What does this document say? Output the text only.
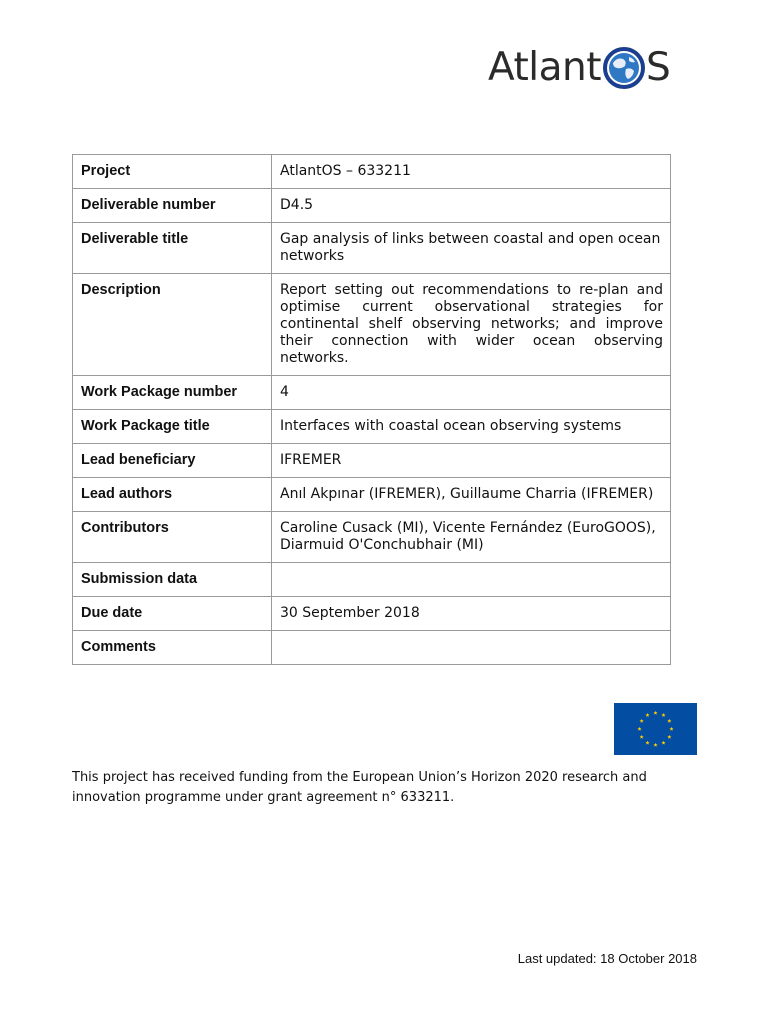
Atlant S
Project	AtlantOS – 633211
Deliverable number	D4.5
Deliverable title	Gap analysis of links between coastal and open ocean networks
Description	Report setting out recommendations to re-plan and optimise current observational strategies for continental shelf observing networks; and improve their connection with wider ocean observing networks.
Work Package number	4
Work Package title	Interfaces with coastal ocean observing systems
Lead beneficiary	IFREMER
Lead authors	Anıl Akpınar (IFREMER), Guillaume Charria (IFREMER)
Contributors	Caroline Cusack (MI), Vicente Fernández (EuroGOOS), Diarmuid O'Conchubhair (MI)
Submission data	
Due date	30 September 2018
Comments	
This project has received funding from the European Union’s Horizon 2020 research and innovation programme under grant agreement n° 633211.
Last updated: 18 October 2018
